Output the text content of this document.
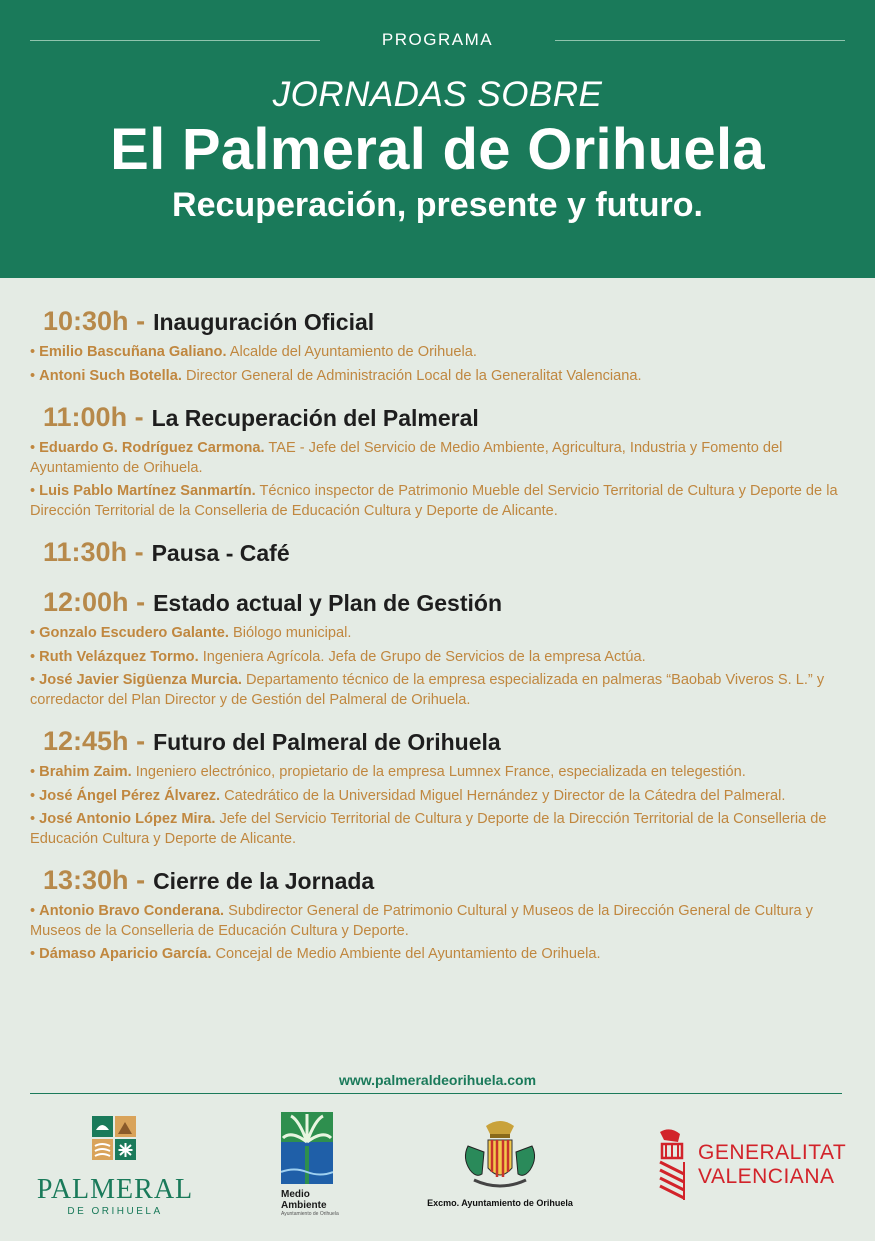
PROGRAMA
JORNADAS SOBRE
El Palmeral de Orihuela
Recuperación, presente y futuro.
10:30h - Inauguración Oficial
• Emilio Bascuñana Galiano. Alcalde del Ayuntamiento de Orihuela.
• Antoni Such Botella. Director General de Administración Local de la Generalitat Valenciana.
11:00h - La Recuperación del Palmeral
• Eduardo G. Rodríguez Carmona. TAE - Jefe del Servicio de Medio Ambiente, Agricultura, Industria y Fomento del Ayuntamiento de Orihuela.
• Luis Pablo Martínez Sanmartín. Técnico inspector de Patrimonio Mueble del Servicio Territorial de Cultura y Deporte de la Dirección Territorial de la Conselleria de Educación Cultura y Deporte de Alicante.
11:30h - Pausa - Café
12:00h - Estado actual y Plan de Gestión
• Gonzalo Escudero Galante. Biólogo municipal.
• Ruth Velázquez Tormo. Ingeniera Agrícola. Jefa de Grupo de Servicios de la empresa Actúa.
• José Javier Sigüenza Murcia. Departamento técnico de la empresa especializada en palmeras “Baobab Viveros S. L.” y corredactor del Plan Director y de Gestión del Palmeral de Orihuela.
12:45h - Futuro del Palmeral de Orihuela
• Brahim Zaim. Ingeniero electrónico, propietario de la empresa Lumnex France, especializada en telegestión.
• José Ángel Pérez Álvarez. Catedrático de la Universidad Miguel Hernández y Director de la Cátedra del Palmeral.
• José Antonio López Mira. Jefe del Servicio Territorial de Cultura y Deporte de la Dirección Territorial de la Conselleria de Educación Cultura y Deporte de Alicante.
13:30h - Cierre de la Jornada
• Antonio Bravo Conderana. Subdirector General de Patrimonio Cultural y Museos de la Dirección General de Cultura y Museos de la Conselleria de Educación Cultura y Deporte.
• Dámaso Aparicio García. Concejal de Medio Ambiente del Ayuntamiento de Orihuela.
www.palmeraldeorihuela.com
PALMERAL
DE ORIHUELA
Medio
Ambiente
Ayuntamiento de Orihuela
Excmo. Ayuntamiento de Orihuela
GENERALITAT
VALENCIANA
